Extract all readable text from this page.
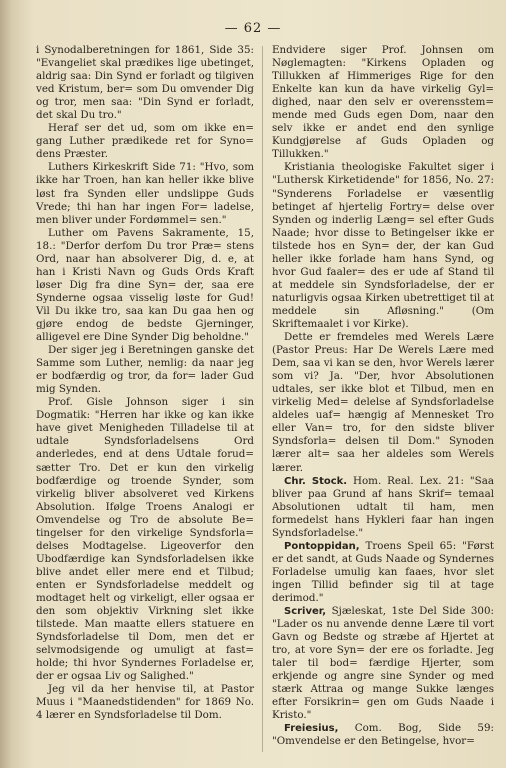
— 62 —

i Synodalberetningen for 1861, Side 35: "Evangeliet skal prædikes lige ubetinget, aldrig saa: Din Synd er forladt og tilgiven ved Kristum, ber= som Du omvender Dig og tror, men saa: "Din Synd er forladt, det skal Du tro."

Heraf ser det ud, som om ikke en= gang Luther prædikede ret for Syno= dens Præster.

Luthers Kirkeskrift Side 71: "Hvo, som ikke har Troen, han kan heller ikke blive løst fra Synden eller undslippe Guds Vrede; thi han har ingen For= ladelse, men bliver under Fordømmel= sen."

Luther om Pavens Sakramente, 15, 18.: "Derfor derfom Du tror Præ= stens Ord, naar han absolverer Dig, d. e, at han i Kristi Navn og Guds Ords Kraft løser Dig fra dine Syn= der, saa ere Synderne ogsaa visselig løste for Gud! Vil Du ikke tro, saa kan Du gaa hen og gjøre endog de bedste Gjerninger, alligevel ere Dine Synder Dig beholdne."

Der siger jeg i Beretningen ganske det Samme som Luther, nemlig: da naar jeg er bodfærdig og tror, da for= lader Gud mig Synden.

Prof. Gisle Johnson siger i sin Dogmatik: "Herren har ikke og kan ikke have givet Menigheden Tilladelse til at udtale Syndsforladelsens Ord anderledes, end at dens Udtale forud= sætter Tro. Det er kun den virkelig bodfærdige og troende Synder, som virkelig bliver absolveret ved Kirkens Absolution. Ifølge Troens Analogi er Omvendelse og Tro de absolute Be= tingelser for den virkelige Syndsforla= delses Modtagelse. Ligeoverfor den Ubodfærdige kan Syndsforladelsen ikke blive andet eller mere end et Tilbud; enten er Syndsforladelse meddelt og modtaget helt og virkeligt, eller ogsaa er den som objektiv Virkning slet ikke tilstede. Man maatte ellers statuere en Syndsforladelse til Dom, men det er selvmodsigende og umuligt at fast= holde; thi hvor Syndernes Forladelse er, der er ogsaa Liv og Salighed."

Jeg vil da her henvise til, at Pastor Muus i "Maanedstidenden" for 1869 No. 4 lærer en Syndsforladelse til Dom.

Endvidere siger Prof. Johnsen om Nøglemagten: "Kirkens Opladen og Tillukken af Himmeriges Rige for den Enkelte kan kun da have virkelig Gyl= dighed, naar den selv er overensstem= mende med Guds egen Dom, naar den selv ikke er andet end den synlige Kundgjørelse af Guds Opladen og Tillukken."

Kristiania theologiske Fakultet siger i "Luthersk Kirketidende" for 1856, No. 27: "Synderens Forladelse er væsentlig betinget af hjertelig Fortry= delse over Synden og inderlig Læng= sel efter Guds Naade; hvor disse to Betingelser ikke er tilstede hos en Syn= der, der kan Gud heller ikke forlade ham hans Synd, og hvor Gud faaler= des er ude af Stand til at meddele sin Syndsforladelse, der er naturligvis ogsaa Kirken ubetrettiget til at meddele sin Afløsning." (Om Skriftemaalet i vor Kirke).

Dette er fremdeles med Werels Lære (Pastor Preus: Har De Werels Lære med Dem, saa vi kan se den, hvor Werels lærer som vi? Ja. "Der, hvor Absolutionen udtales, ser ikke blot et Tilbud, men en virkelig Med= delelse af Syndsforladelse aldeles uaf= hængig af Mennesket Tro eller Van= tro, for den sidste bliver Syndsforla= delsen til Dom." Synoden lærer alt= saa her aldeles som Werels lærer.

Chr. Stock. Hom. Real. Lex. 21: "Saa bliver paa Grund af hans Skrif= temaal Absolutionen udtalt til ham, men formedelst hans Hykleri faar han ingen Syndsforladelse."

Pontoppidan, Troens Speil 65: "Først er det sandt, at Guds Naade og Syndernes Forladelse umulig kan faaes, hvor slet ingen Tillid befinder sig til at tage derimod."

Scriver, Sjæleskat, 1ste Del Side 300: "Lader os nu anvende denne Lære til vort Gavn og Bedste og stræbe af Hjertet at tro, at vore Syn= der ere os forladte. Jeg taler til bod= færdige Hjerter, som erkjende og angre sine Synder og med stærk Attraa og mange Sukke længes efter Forsikrin= gen om Guds Naade i Kristo."

Freiesius, Com. Bog, Side 59: "Omvendelse er den Betingelse, hvor=
